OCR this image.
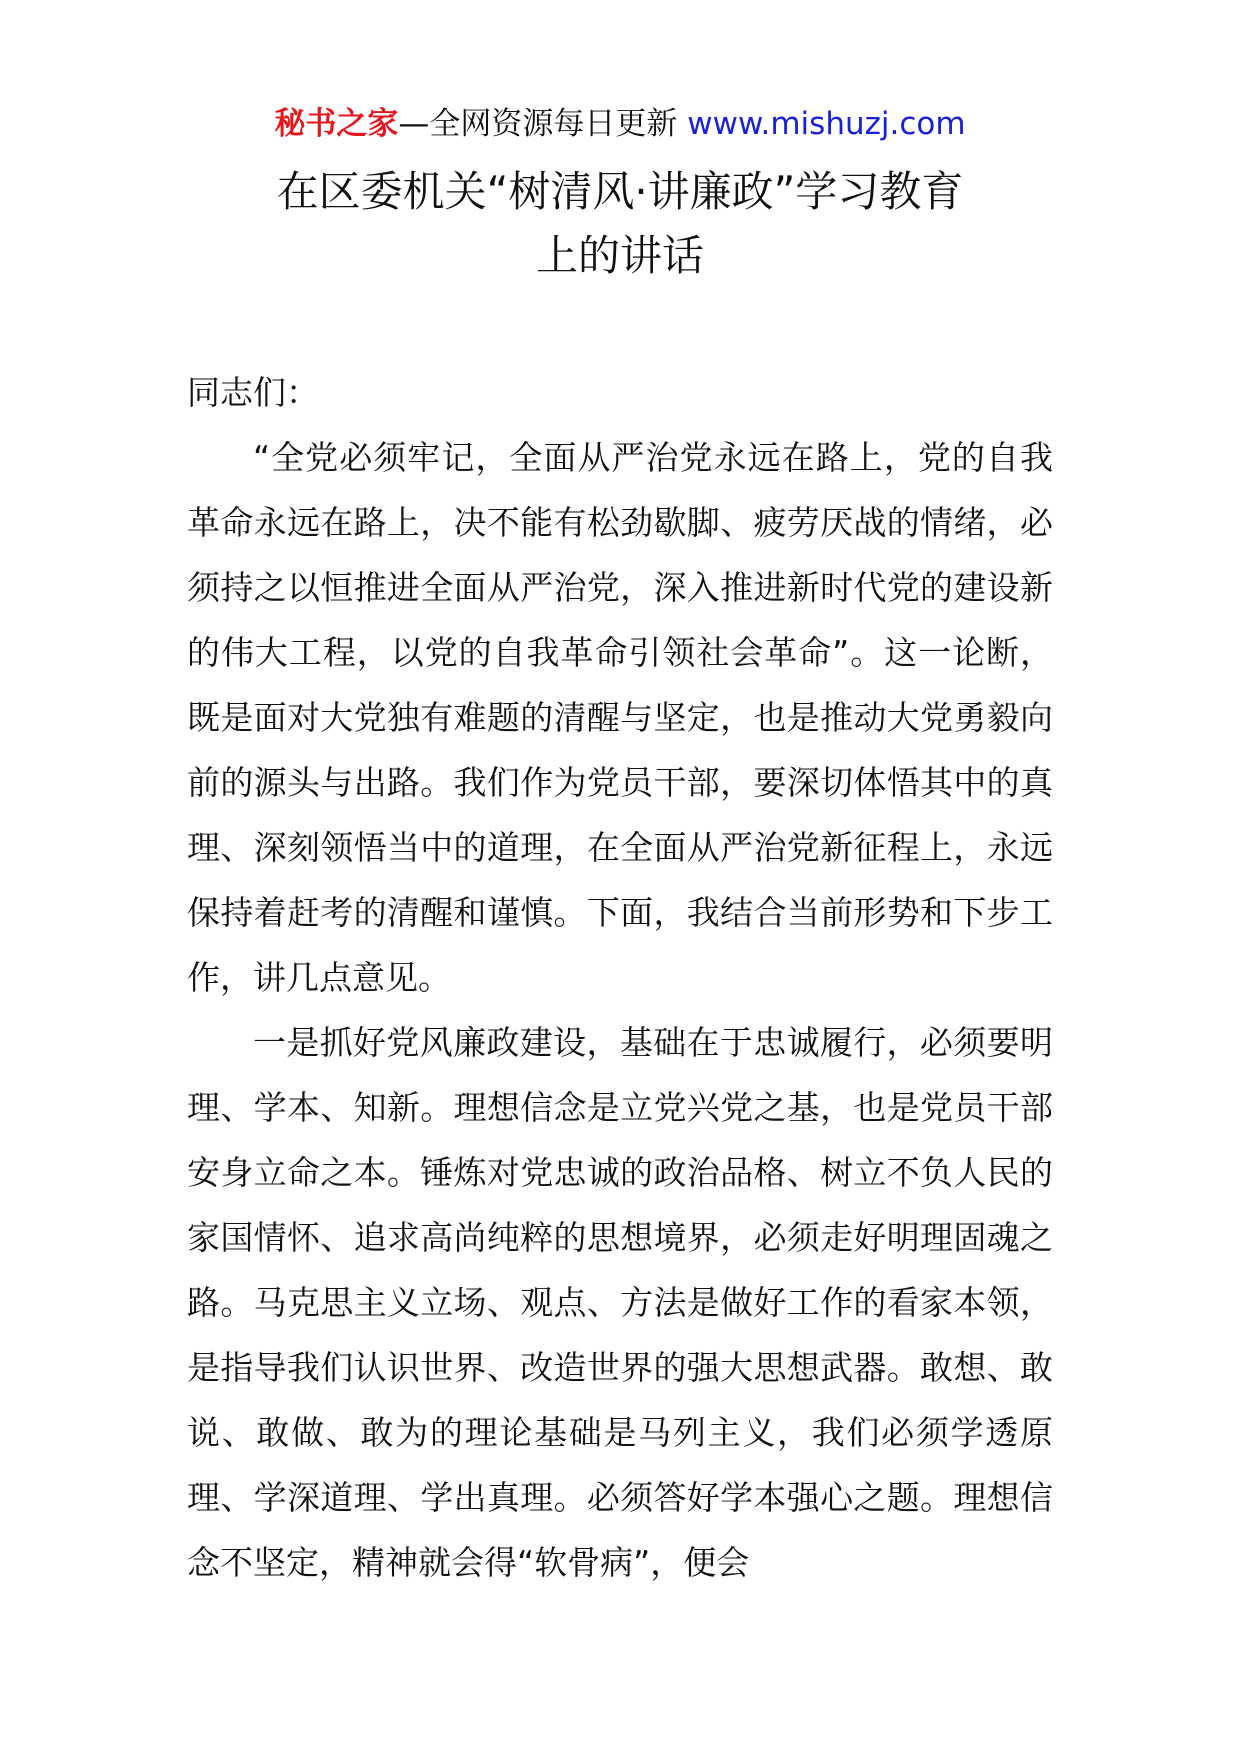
秘书之家—全网资源每日更新 www.mishuzj.com
在区委机关“树清风·讲廉政”学习教育
上的讲话

同志们：

“全党必须牢记，全面从严治党永远在路上，党的自我革命永远在路上，决不能有松劲歇脚、疲劳厌战的情绪，必须持之以恒推进全面从严治党，深入推进新时代党的建设新的伟大工程，以党的自我革命引领社会革命”。这一论断，既是面对大党独有难题的清醒与坚定，也是推动大党勇毅向前的源头与出路。我们作为党员干部，要深切体悟其中的真理、深刻领悟当中的道理，在全面从严治党新征程上，永远保持着赶考的清醒和谨慎。下面，我结合当前形势和下步工作，讲几点意见。

一是抓好党风廉政建设，基础在于忠诚履行，必须要明理、学本、知新。理想信念是立党兴党之基，也是党员干部安身立命之本。锤炼对党忠诚的政治品格、树立不负人民的家国情怀、追求高尚纯粹的思想境界，必须走好明理固魂之路。马克思主义立场、观点、方法是做好工作的看家本领，是指导我们认识世界、改造世界的强大思想武器。敢想、敢说、敢做、敢为的理论基础是马列主义，我们必须学透原理、学深道理、学出真理。必须答好学本强心之题。理想信念不坚定，精神就会得“软骨病”，便会
